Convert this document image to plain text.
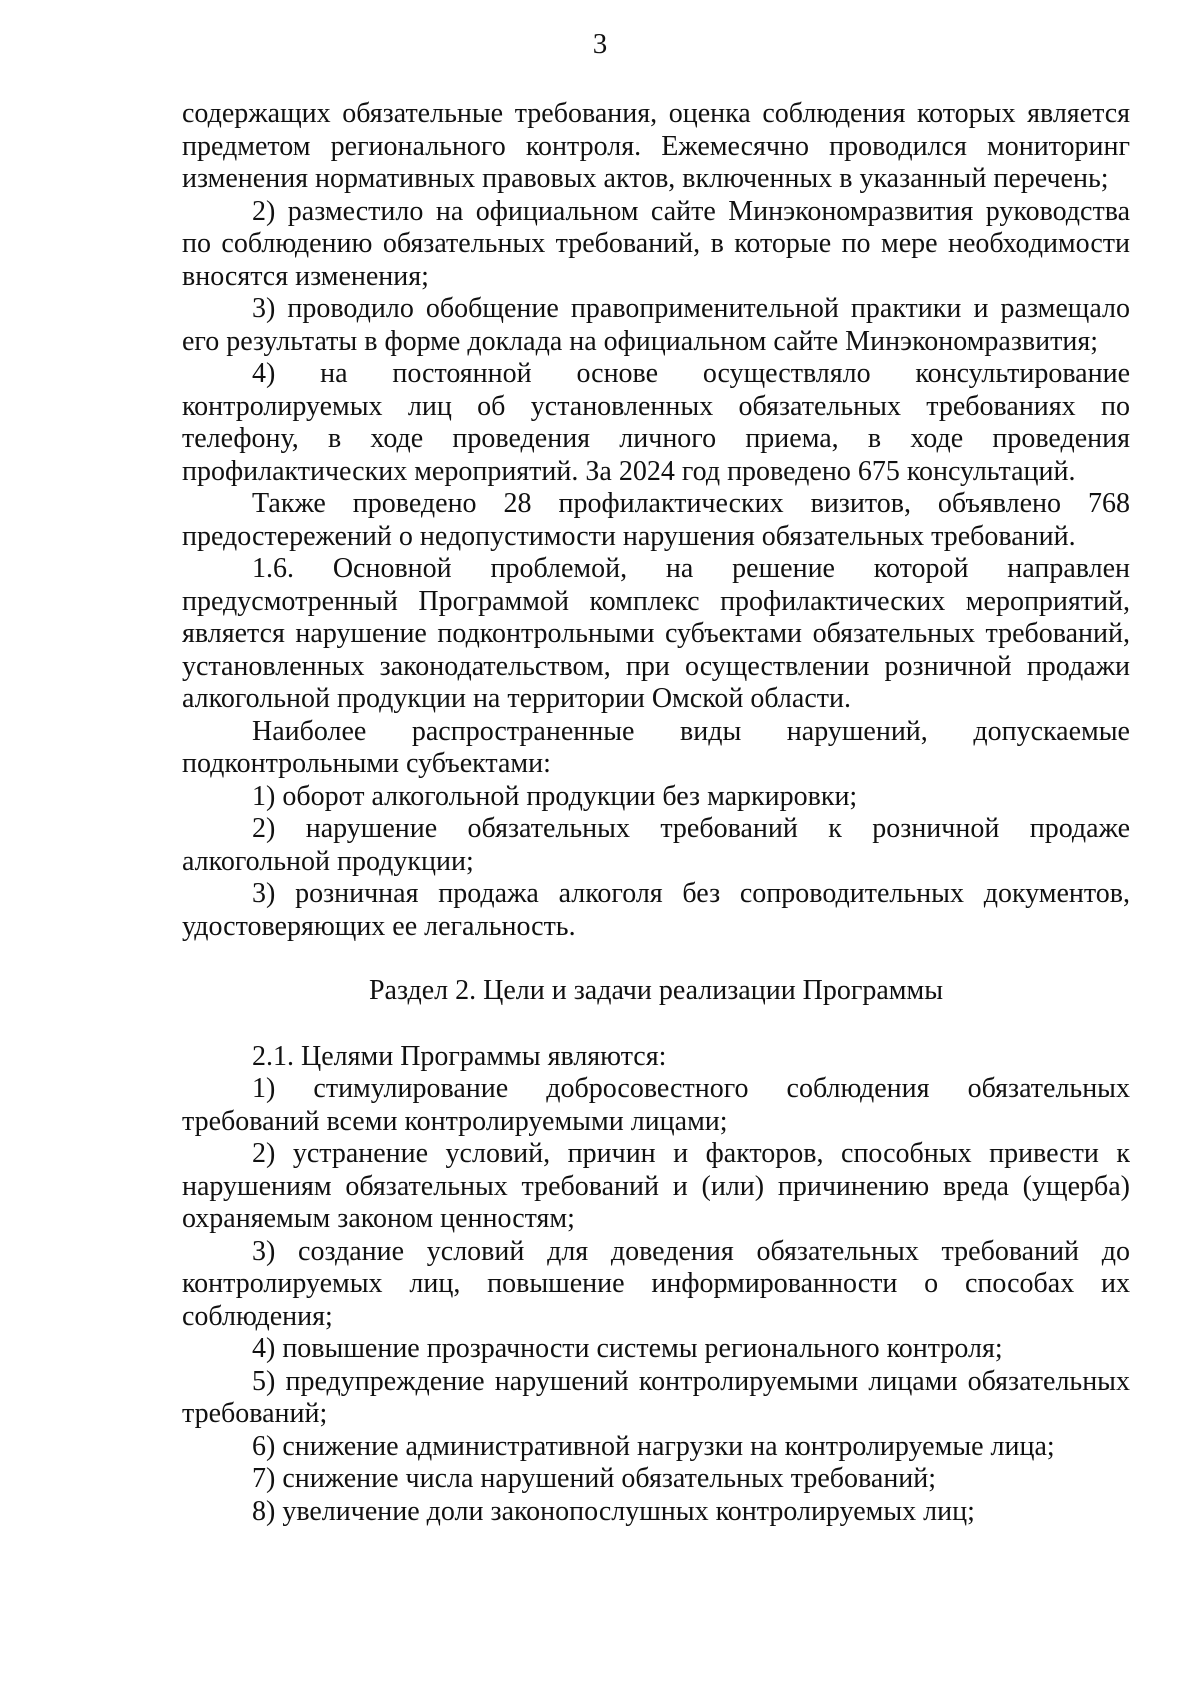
3

содержащих обязательные требования, оценка соблюдения которых является предметом регионального контроля. Ежемесячно проводился мониторинг изменения нормативных правовых актов, включенных в указанный перечень;

2) разместило на официальном сайте Минэкономразвития руководства по соблюдению обязательных требований, в которые по мере необходимости вносятся изменения;

3) проводило обобщение правоприменительной практики и размещало его результаты в форме доклада на официальном сайте Минэкономразвития;

4) на постоянной основе осуществляло консультирование контролируемых лиц об установленных обязательных требованиях по телефону, в ходе проведения личного приема, в ходе проведения профилактических мероприятий. За 2024 год проведено 675 консультаций.

Также проведено 28 профилактических визитов, объявлено 768 предостережений о недопустимости нарушения обязательных требований.

1.6. Основной проблемой, на решение которой направлен предусмотренный Программой комплекс профилактических мероприятий, является нарушение подконтрольными субъектами обязательных требований, установленных законодательством, при осуществлении розничной продажи алкогольной продукции на территории Омской области.

Наиболее распространенные виды нарушений, допускаемые подконтрольными субъектами:

1) оборот алкогольной продукции без маркировки;

2) нарушение обязательных требований к розничной продаже алкогольной продукции;

3) розничная продажа алкоголя без сопроводительных документов, удостоверяющих ее легальность.

Раздел 2. Цели и задачи реализации Программы

2.1. Целями Программы являются:

1) стимулирование добросовестного соблюдения обязательных требований всеми контролируемыми лицами;

2) устранение условий, причин и факторов, способных привести к нарушениям обязательных требований и (или) причинению вреда (ущерба) охраняемым законом ценностям;

3) создание условий для доведения обязательных требований до контролируемых лиц, повышение информированности о способах их соблюдения;

4) повышение прозрачности системы регионального контроля;

5) предупреждение нарушений контролируемыми лицами обязательных требований;

6) снижение административной нагрузки на контролируемые лица;

7) снижение числа нарушений обязательных требований;

8) увеличение доли законопослушных контролируемых лиц;
